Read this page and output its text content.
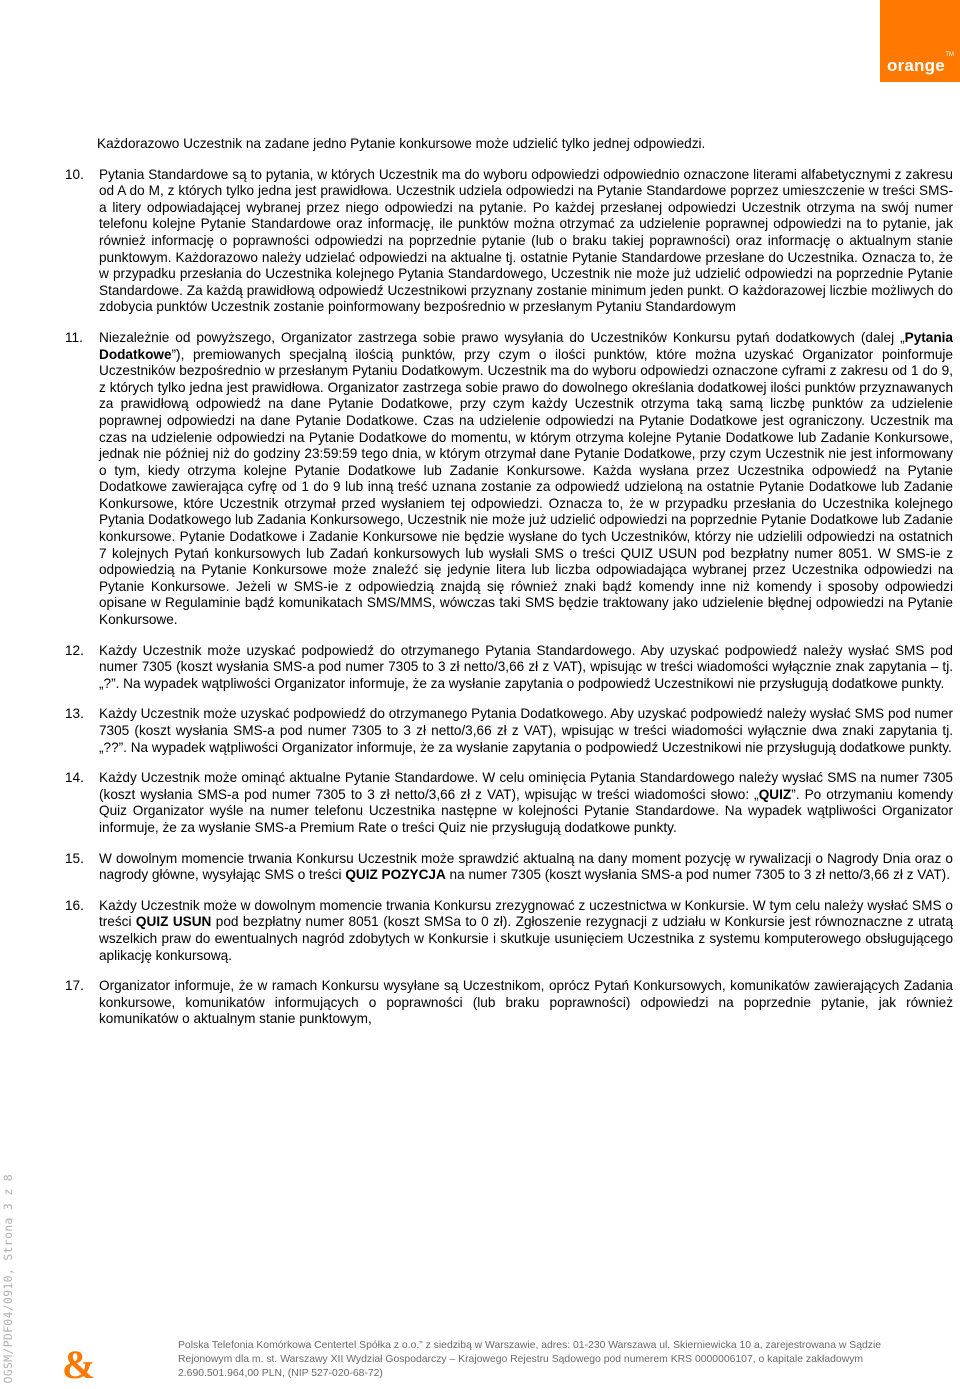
TM
orange

Każdorazowo Uczestnik na zadane jedno Pytanie konkursowe może udzielić tylko jednej odpowiedzi.

10.	Pytania Standardowe są to pytania, w których Uczestnik ma do wyboru odpowiedzi odpowiednio oznaczone literami alfabetycznymi z zakresu od A do M, z których tylko jedna jest prawidłowa. Uczestnik udziela odpowiedzi na Pytanie Standardowe poprzez umieszczenie w treści SMS-a litery odpowiadającej wybranej przez niego odpowiedzi na pytanie. Po każdej przesłanej odpowiedzi Uczestnik otrzyma na swój numer telefonu kolejne Pytanie Standardowe oraz informację, ile punktów można otrzymać za udzielenie poprawnej odpowiedzi na to pytanie, jak również informację o poprawności odpowiedzi na poprzednie pytanie (lub o braku takiej poprawności) oraz informację o aktualnym stanie punktowym. Każdorazowo należy udzielać odpowiedzi na aktualne tj. ostatnie Pytanie Standardowe przesłane do Uczestnika. Oznacza to, że w przypadku przesłania do Uczestnika kolejnego Pytania Standardowego, Uczestnik nie może już udzielić odpowiedzi na poprzednie Pytanie Standardowe. Za każdą prawidłową odpowiedź Uczestnikowi przyznany zostanie minimum jeden punkt. O każdorazowej liczbie możliwych do zdobycia punktów Uczestnik zostanie poinformowany bezpośrednio w przesłanym Pytaniu Standardowym
11.	Niezależnie od powyższego, Organizator zastrzega sobie prawo wysyłania do Uczestników Konkursu pytań dodatkowych (dalej „Pytania Dodatkowe”), premiowanych specjalną ilością punktów, przy czym o ilości punktów, które można uzyskać Organizator poinformuje Uczestników bezpośrednio w przesłanym Pytaniu Dodatkowym. Uczestnik ma do wyboru odpowiedzi oznaczone cyframi z zakresu od 1 do 9, z których tylko jedna jest prawidłowa. Organizator zastrzega sobie prawo do dowolnego określania dodatkowej ilości punktów przyznawanych za prawidłową odpowiedź na dane Pytanie Dodatkowe, przy czym każdy Uczestnik otrzyma taką samą liczbę punktów za udzielenie poprawnej odpowiedzi na dane Pytanie Dodatkowe. Czas na udzielenie odpowiedzi na Pytanie Dodatkowe jest ograniczony. Uczestnik ma czas na udzielenie odpowiedzi na Pytanie Dodatkowe do momentu, w którym otrzyma kolejne Pytanie Dodatkowe lub Zadanie Konkursowe, jednak nie później niż do godziny 23:59:59 tego dnia, w którym otrzymał dane Pytanie Dodatkowe, przy czym Uczestnik nie jest informowany o tym, kiedy otrzyma kolejne Pytanie Dodatkowe lub Zadanie Konkursowe. Każda wysłana przez Uczestnika odpowiedź na Pytanie Dodatkowe zawierająca cyfrę od 1 do 9 lub inną treść uznana zostanie za odpowiedź udzieloną na ostatnie Pytanie Dodatkowe lub Zadanie Konkursowe, które Uczestnik otrzymał przed wysłaniem tej odpowiedzi. Oznacza to, że w przypadku przesłania do Uczestnika kolejnego Pytania Dodatkowego lub Zadania Konkursowego, Uczestnik nie może już udzielić odpowiedzi na poprzednie Pytanie Dodatkowe lub Zadanie konkursowe. Pytanie Dodatkowe i Zadanie Konkursowe nie będzie wysłane do tych Uczestników, którzy nie udzielili odpowiedzi na ostatnich 7 kolejnych Pytań konkursowych lub Zadań konkursowych lub wysłali SMS o treści QUIZ USUN pod bezpłatny numer 8051. W SMS-ie z odpowiedzią na Pytanie Konkursowe może znaleźć się jedynie litera lub liczba odpowiadająca wybranej przez Uczestnika odpowiedzi na Pytanie Konkursowe. Jeżeli w SMS-ie z odpowiedzią znajdą się również znaki bądź komendy inne niż komendy i sposoby odpowiedzi opisane w Regulaminie bądź komunikatach SMS/MMS, wówczas taki SMS będzie traktowany jako udzielenie błędnej odpowiedzi na Pytanie Konkursowe.
12.	Każdy Uczestnik może uzyskać podpowiedź do otrzymanego Pytania Standardowego. Aby uzyskać podpowiedź należy wysłać SMS pod numer 7305 (koszt wysłania SMS-a pod numer 7305 to 3 zł netto/3,66 zł z VAT), wpisując w treści wiadomości wyłącznie znak zapytania – tj. „?”. Na wypadek wątpliwości Organizator informuje, że za wysłanie zapytania o podpowiedź Uczestnikowi nie przysługują dodatkowe punkty.
13.	Każdy Uczestnik może uzyskać podpowiedź do otrzymanego Pytania Dodatkowego. Aby uzyskać podpowiedź należy wysłać SMS pod numer 7305 (koszt wysłania SMS-a pod numer 7305 to 3 zł netto/3,66 zł z VAT), wpisując w treści wiadomości wyłącznie dwa znaki zapytania tj. „??”. Na wypadek wątpliwości Organizator informuje, że za wysłanie zapytania o podpowiedź Uczestnikowi nie przysługują dodatkowe punkty.
14.	Każdy Uczestnik może ominąć aktualne Pytanie Standardowe. W celu ominięcia Pytania Standardowego należy wysłać SMS na numer 7305 (koszt wysłania SMS-a pod numer 7305 to 3 zł netto/3,66 zł z VAT), wpisując w treści wiadomości słowo: „QUIZ”. Po otrzymaniu komendy Quiz Organizator wyśle na numer telefonu Uczestnika następne w kolejności Pytanie Standardowe. Na wypadek wątpliwości Organizator informuje, że za wysłanie SMS-a Premium Rate o treści Quiz nie przysługują dodatkowe punkty.
15.	W dowolnym momencie trwania Konkursu Uczestnik może sprawdzić aktualną na dany moment pozycję w rywalizacji o Nagrody Dnia oraz o nagrody główne, wysyłając SMS o treści QUIZ POZYCJA na numer 7305 (koszt wysłania SMS-a pod numer 7305 to 3 zł netto/3,66 zł z VAT).
16.	Każdy Uczestnik może w dowolnym momencie trwania Konkursu zrezygnować z uczestnictwa w Konkursie. W tym celu należy wysłać SMS o treści QUIZ USUN pod bezpłatny numer 8051 (koszt SMSa to 0 zł). Zgłoszenie rezygnacji z udziału w Konkursie jest równoznaczne z utratą wszelkich praw do ewentualnych nagród zdobytych w Konkursie i skutkuje usunięciem Uczestnika z systemu komputerowego obsługującego aplikację konkursową.
17.	Organizator informuje, że w ramach Konkursu wysyłane są Uczestnikom, oprócz Pytań Konkursowych, komunikatów zawierających Zadania konkursowe, komunikatów informujących o poprawności (lub braku poprawności) odpowiedzi na poprzednie pytanie, jak również komunikatów o aktualnym stanie punktowym,
OGSM/PDF04/0910, Strona 3 z 8 &	Polska Telefonia Komórkowa Centertel Spółka z o.o.” z siedzibą w Warszawie, adres: 01-230 Warszawa ul. Skierniewicka 10 a, zarejestrowana w Sądzie
Rejonowym dla m. st. Warszawy XII Wydział Gospodarczy – Krajowego Rejestru Sądowego pod numerem KRS 0000006107, o kapitale zakładowym
2.690.501.964,00 PLN, (NIP 527-020-68-72)
